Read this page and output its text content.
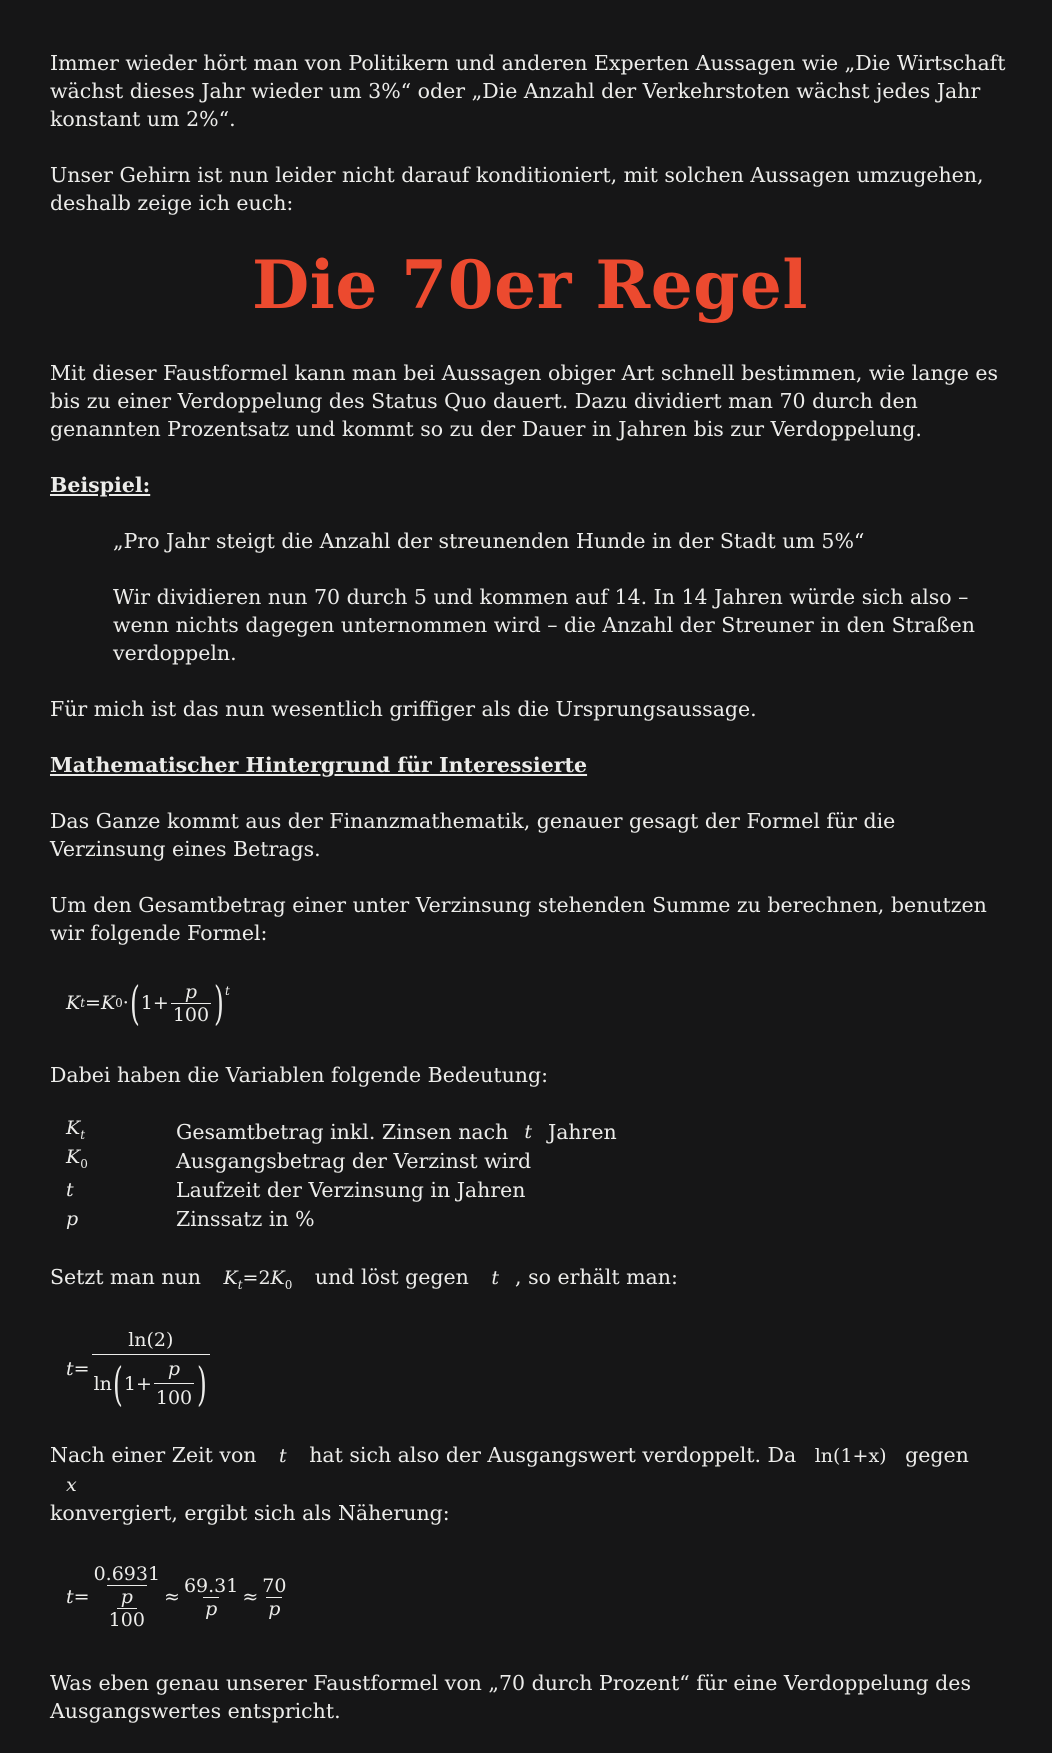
Immer wieder hört man von Politikern und anderen Experten Aussagen wie „Die Wirtschaft wächst dieses Jahr wieder um 3%“ oder „Die Anzahl der Verkehrstoten wächst jedes Jahr konstant um 2%“.

Unser Gehirn ist nun leider nicht darauf konditioniert, mit solchen Aussagen umzugehen, deshalb zeige ich euch:

Die 70er Regel

Mit dieser Faustformel kann man bei Aussagen obiger Art schnell bestimmen, wie lange es bis zu einer Verdoppelung des Status Quo dauert. Dazu dividiert man 70 durch den genannten Prozentsatz und kommt so zu der Dauer in Jahren bis zur Verdoppelung.

Beispiel:

„Pro Jahr steigt die Anzahl der streunenden Hunde in der Stadt um 5%“

Wir dividieren nun 70 durch 5 und kommen auf 14. In 14 Jahren würde sich also – wenn nichts dagegen unternommen wird – die Anzahl der Streuner in den Straßen verdoppeln.

Für mich ist das nun wesentlich griffiger als die Ursprungsaussage.

Mathematischer Hintergrund für Interessierte

Das Ganze kommt aus der Finanzmathematik, genauer gesagt der Formel für die Verzinsung eines Betrags.

Um den Gesamtbetrag einer unter Verzinsung stehenden Summe zu berechnen, benutzen wir folgende Formel:

K t = K 0 · ( $1 + \frac{p}{100}$ ) t

Dabei haben die Variablen folgende Bedeutung:

$K_t$	Gesamtbetrag inkl. Zinsen nach t Jahren
$K_0$	Ausgangsbetrag der Verzinst wird
t	Laufzeit der Verzinsung in Jahren
p	Zinssatz in %

Setzt man nun $K_t=2K_0$ und löst gegen t , so erhält man:

t =
ln(2)
ln ( $1 + \frac{p}{100}$ )

Nach einer Zeit von t hat sich also der Ausgangswert verdoppelt. Da ln(1+x) gegen x
konvergiert, ergibt sich als Näherung:

t = 0.6931
p
$100 \approx \frac{69.31}{p} \approx \frac{70}{p}$

Was eben genau unserer Faustformel von „70 durch Prozent“ für eine Verdoppelung des Ausgangswertes entspricht.
